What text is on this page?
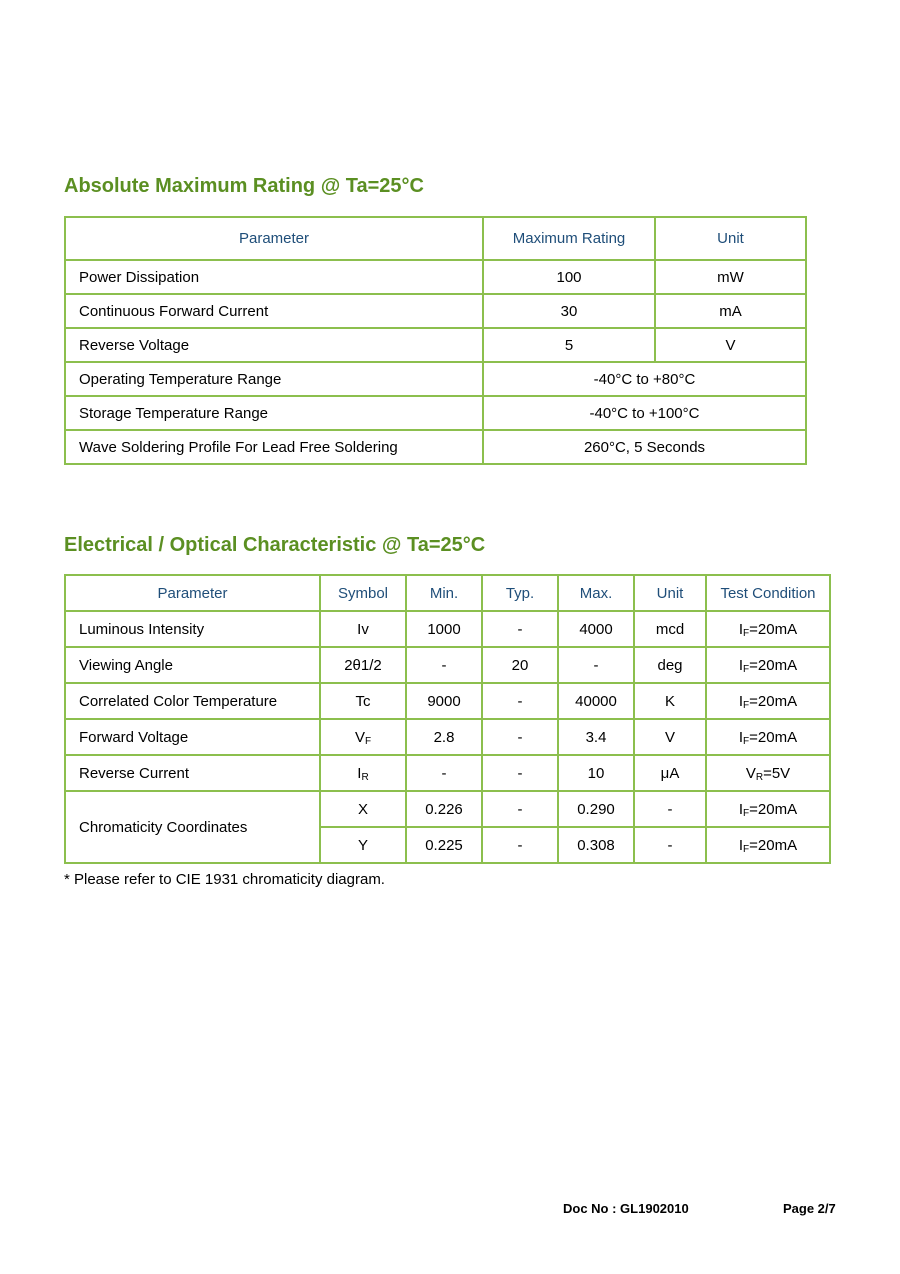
Absolute Maximum Rating @ Ta=25°C
Parameter	Maximum Rating	Unit
Power Dissipation	100	mW
Continuous Forward Current	30	mA
Reverse Voltage	5	V
Operating Temperature Range	-40°C to +80°C	
Storage Temperature Range	-40°C to +100°C	
Wave Soldering Profile For Lead Free Soldering	260°C, 5 Seconds	
Electrical / Optical Characteristic @ Ta=25°C
Parameter	Symbol	Min.	Typ.	Max.	Unit	Test Condition
Luminous Intensity	Iv	1000	-	4000	mcd	$I_F=20mA$
Viewing Angle	2θ1/2	-	20	-	deg	$I_F=20mA$
Correlated Color Temperature	Tc	9000	-	40000	K	$I_F=20mA$
Forward Voltage	$V_F$	2.8	-	3.4	V	$I_F=20mA$
Reverse Current	$I_R$	-	-	10	μA	$V_R=5V$
Chromaticity Coordinates	X	0.226	-	0.290	-	$I_F=20mA$
	Y	0.225	-	0.308	-	$I_F=20mA$

* Please refer to CIE 1931 chromaticity diagram.

Doc No : GL1902010	Page 2/7
